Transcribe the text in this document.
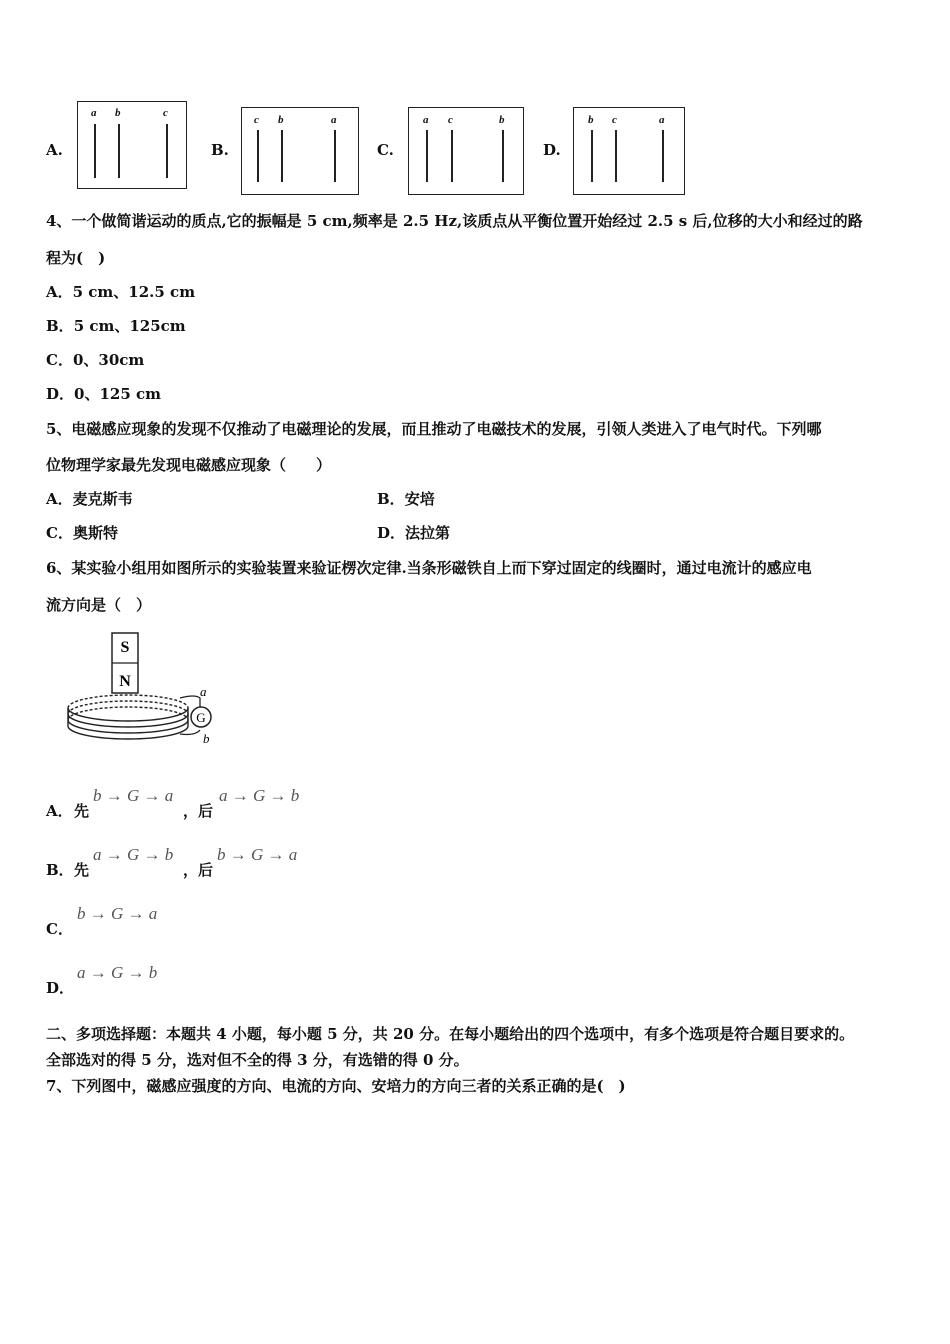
A.
a b	c
B.
c b	a
C.
a c	b
D.
b c	a
4、一个做简谐运动的质点,它的振幅是 5 cm,频率是 2.5 Hz,该质点从平衡位置开始经过 2.5 s 后,位移的大小和经过的路
程为(　)
A．5 cm、12.5 cm
B．5 cm、125cm
C．0、30cm
D．0、125 cm
5、电磁感应现象的发现不仅推动了电磁理论的发展，而且推动了电磁技术的发展，引领人类进入了电气时代。下列哪
位物理学家最先发现电磁感应现象（　　）
A．麦克斯韦	B．安培
C．奥斯特	D．法拉第
6、某实验小组用如图所示的实验装置来验证楞次定律.当条形磁铁自上而下穿过固定的线圈时，通过电流计的感应电
流方向是（　）
S
N
G
a
b
A． 先
b → G → a
，后
a → G → b
B． 先
a → G → b
，后
b → G → a
C．
b → G → a
D．
a → G → b
二、多项选择题：本题共 4 小题，每小题 5 分，共 20 分。在每小题给出的四个选项中，有多个选项是符合题目要求的。
全部选对的得 5 分，选对但不全的得 3 分，有选错的得 0 分。
7、下列图中，磁感应强度的方向、电流的方向、安培力的方向三者的关系正确的是(　)
